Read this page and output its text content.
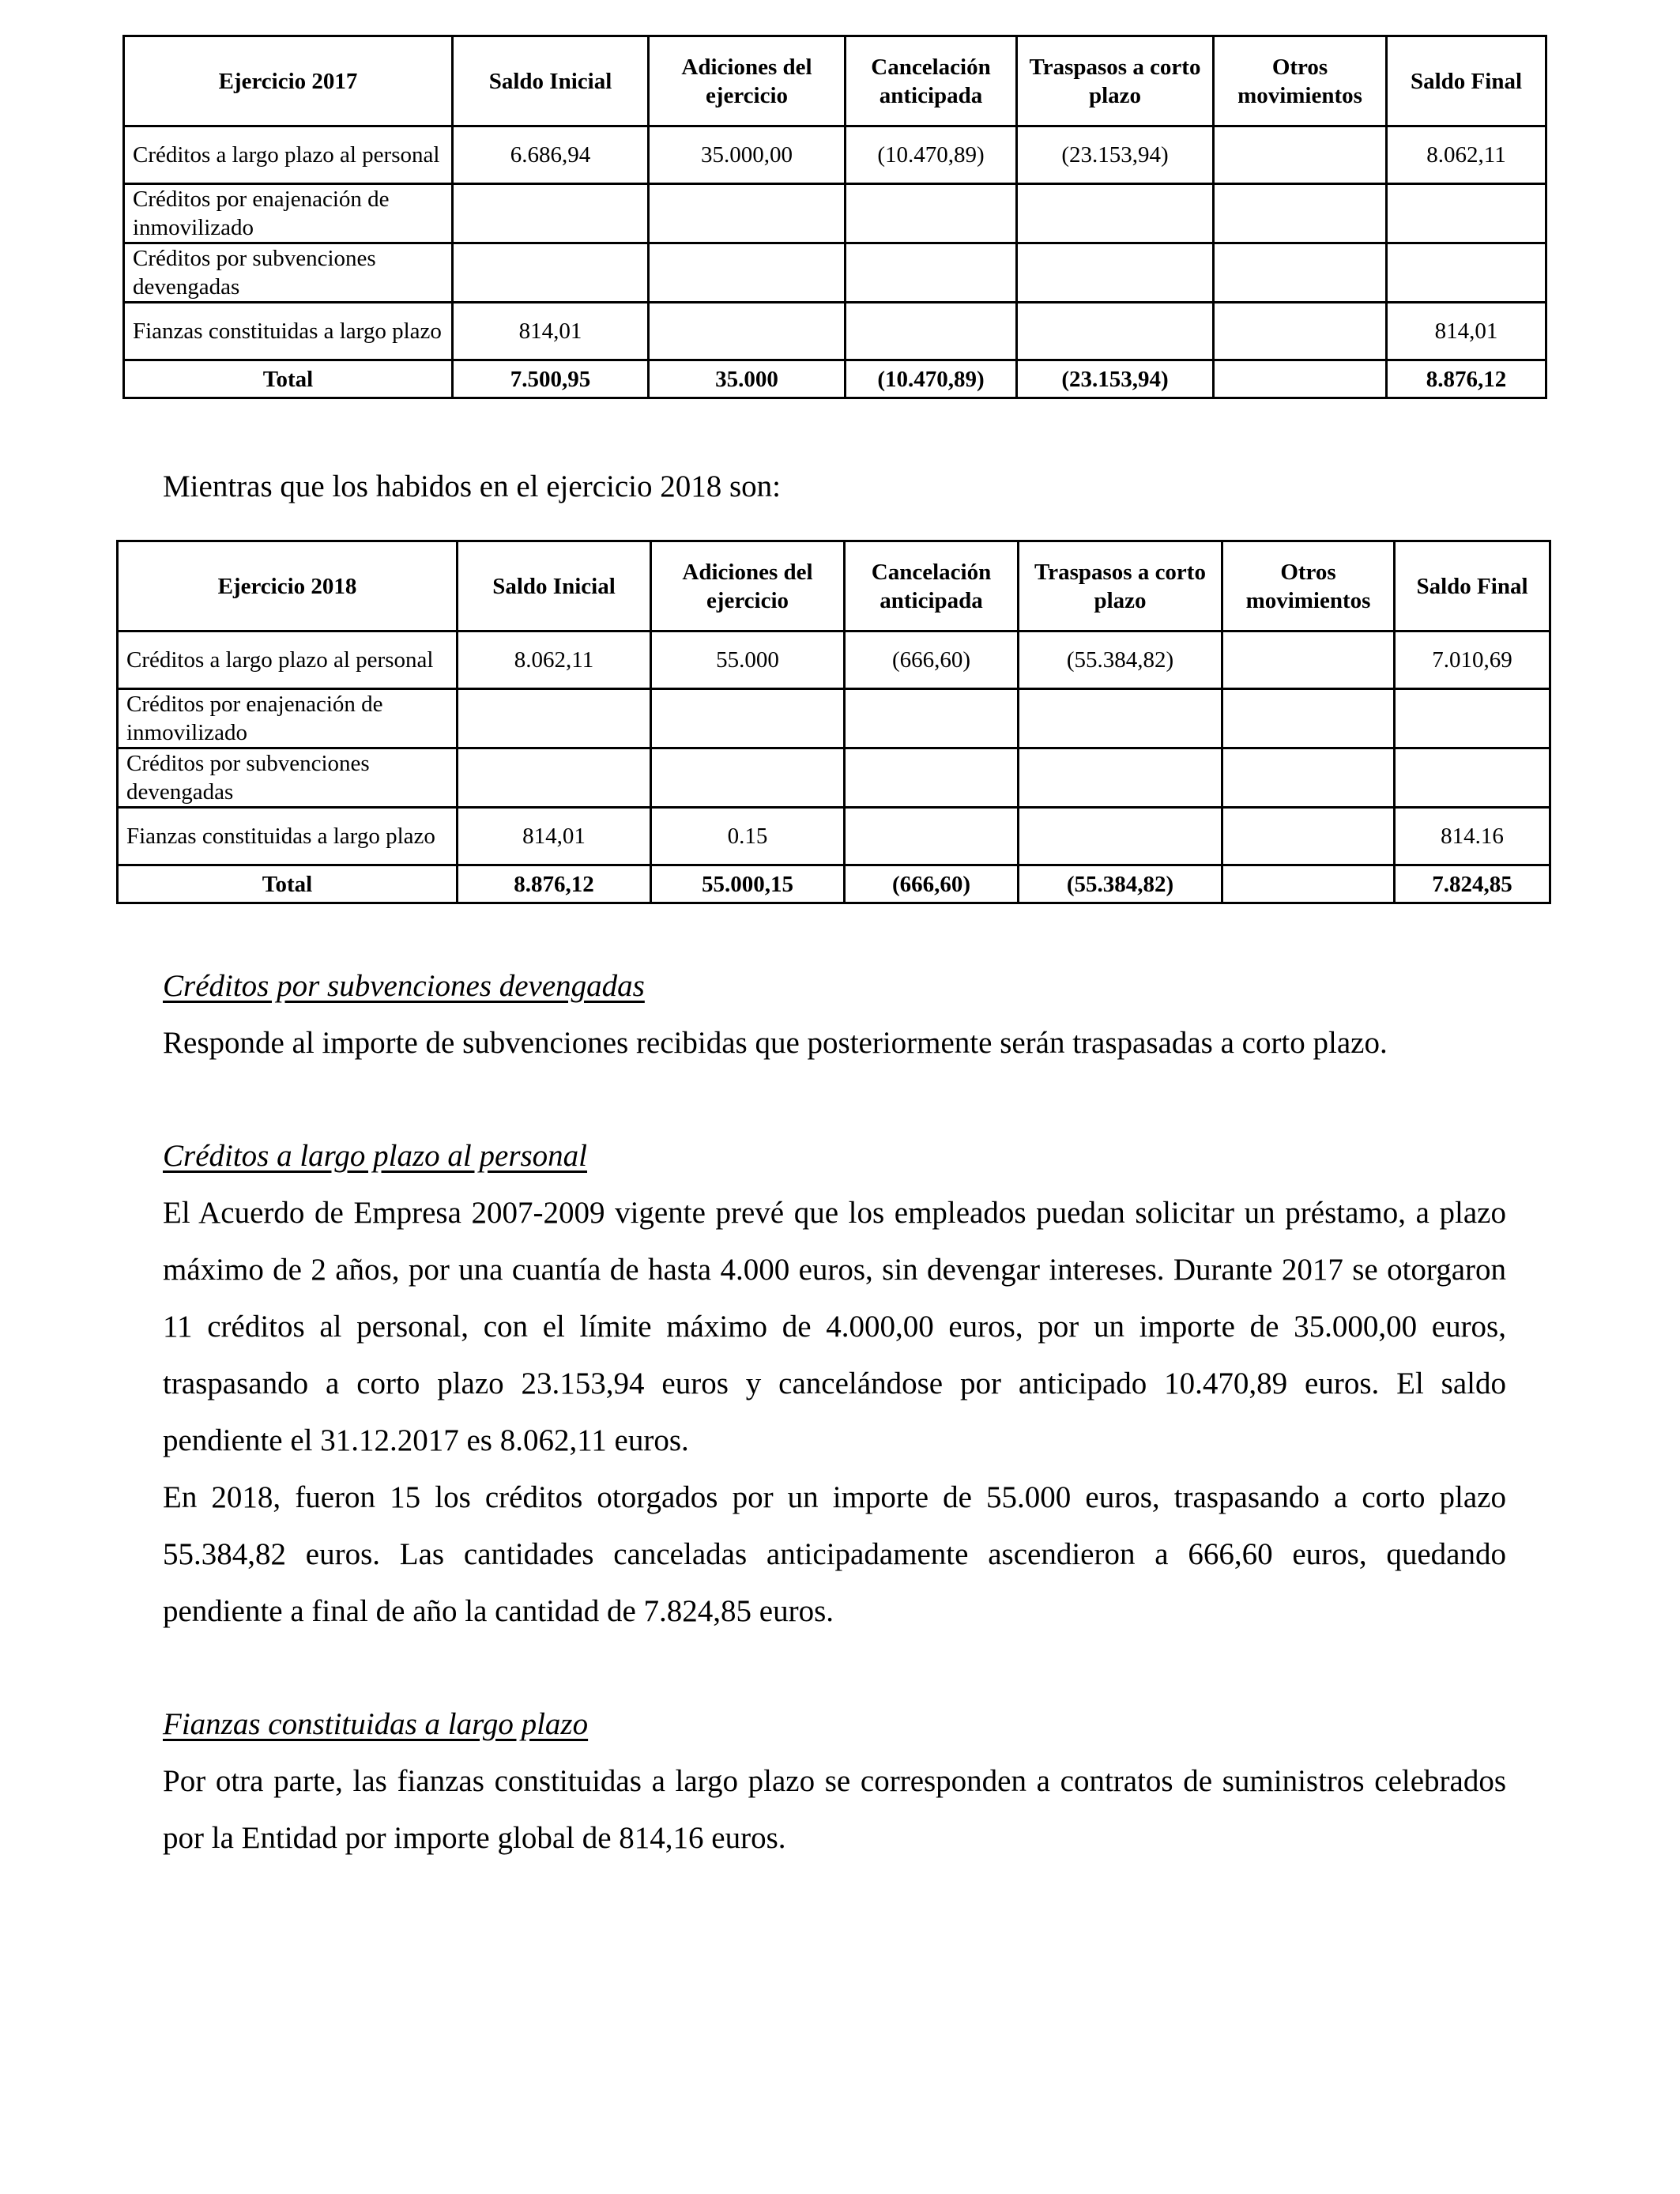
Ejercicio 2017	Saldo Inicial	Adiciones del ejercicio	Cancelación anticipada	Traspasos a corto plazo	Otros movimientos	Saldo Final
Créditos a largo plazo al personal	6.686,94	35.000,00	(10.470,89)	(23.153,94)		8.062,11
Créditos por enajenación de inmovilizado						
Créditos por subvenciones devengadas						
Fianzas constituidas a largo plazo	814,01					814,01
Total	7.500,95	35.000	(10.470,89)	(23.153,94)		8.876,12

Mientras que los habidos en el ejercicio 2018 son:

Ejercicio 2018	Saldo Inicial	Adiciones del ejercicio	Cancelación anticipada	Traspasos a corto plazo	Otros movimientos	Saldo Final
Créditos a largo plazo al personal	8.062,11	55.000	(666,60)	(55.384,82)		7.010,69
Créditos por enajenación de inmovilizado						
Créditos por subvenciones devengadas						
Fianzas constituidas a largo plazo	814,01	0.15				814.16
Total	8.876,12	55.000,15	(666,60)	(55.384,82)		7.824,85

Créditos por subvenciones devengadas

Responde al importe de subvenciones recibidas que posteriormente serán traspasadas a corto plazo.

Créditos a largo plazo al personal

El Acuerdo de Empresa 2007-2009 vigente prevé que los empleados puedan solicitar un préstamo, a plazo máximo de 2 años, por una cuantía de hasta 4.000 euros, sin devengar intereses. Durante 2017 se otorgaron 11 créditos al personal, con el límite máximo de 4.000,00 euros, por un importe de 35.000,00 euros, traspasando a corto plazo 23.153,94 euros y cancelándose por anticipado 10.470,89 euros. El saldo pendiente el 31.12.2017 es 8.062,11 euros.

En 2018, fueron 15 los créditos otorgados por un importe de 55.000 euros, traspasando a corto plazo 55.384,82 euros. Las cantidades canceladas anticipadamente ascendieron a 666,60 euros, quedando pendiente a final de año la cantidad de 7.824,85 euros.

Fianzas constituidas a largo plazo

Por otra parte, las fianzas constituidas a largo plazo se corresponden a contratos de suministros celebrados por la Entidad por importe global de 814,16 euros.
